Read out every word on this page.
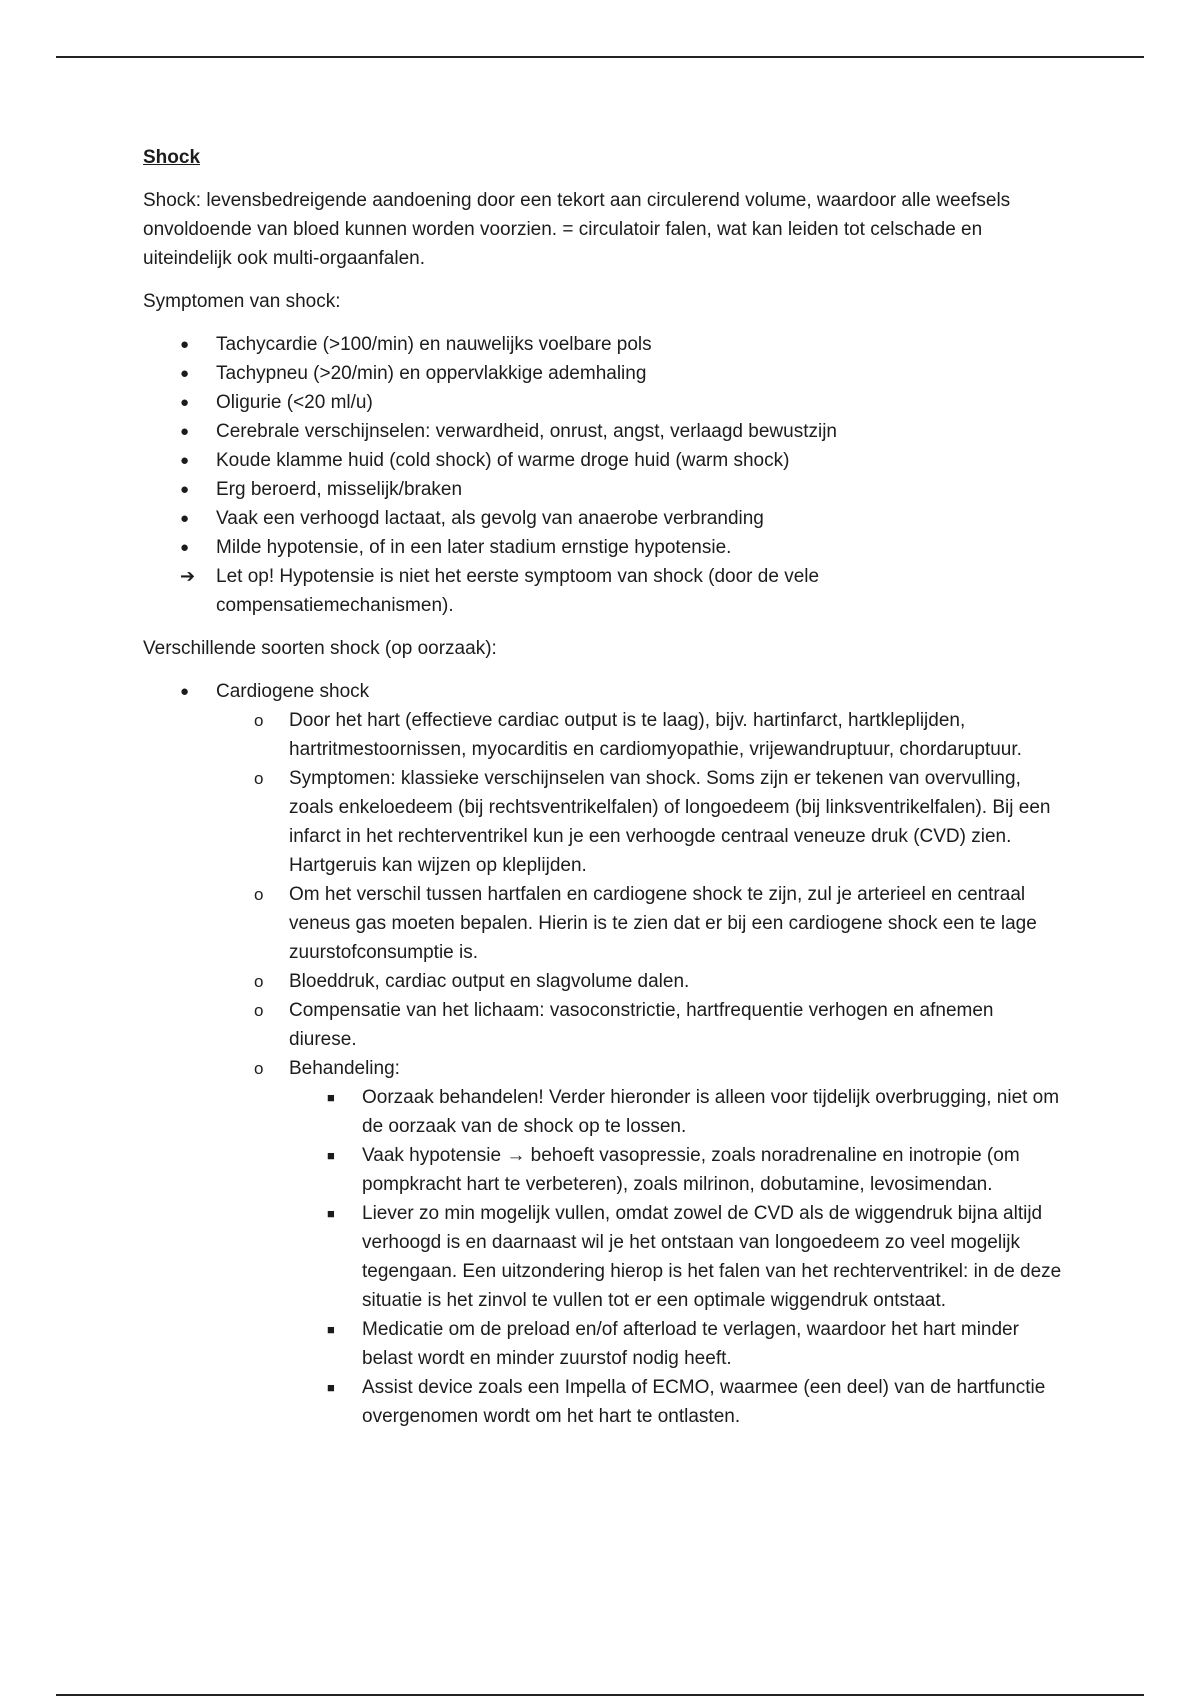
Shock

Shock: levensbedreigende aandoening door een tekort aan circulerend volume, waardoor alle weefsels onvoldoende van bloed kunnen worden voorzien. = circulatoir falen, wat kan leiden tot celschade en uiteindelijk ook multi-orgaanfalen.

Symptomen van shock:

● Tachycardie (>100/min) en nauwelijks voelbare pols
● Tachypneu (>20/min) en oppervlakkige ademhaling
● Oligurie (<20 ml/u)
● Cerebrale verschijnselen: verwardheid, onrust, angst, verlaagd bewustzijn
● Koude klamme huid (cold shock) of warme droge huid (warm shock)
● Erg beroerd, misselijk/braken
● Vaak een verhoogd lactaat, als gevolg van anaerobe verbranding
● Milde hypotensie, of in een later stadium ernstige hypotensie.
➔ Let op! Hypotensie is niet het eerste symptoom van shock (door de vele compensatiemechanismen).

Verschillende soorten shock (op oorzaak):

● Cardiogene shock
o Door het hart (effectieve cardiac output is te laag), bijv. hartinfarct, hartkleplijden, hartritmestoornissen, myocarditis en cardiomyopathie, vrijewandruptuur, chordaruptuur.
o Symptomen: klassieke verschijnselen van shock. Soms zijn er tekenen van overvulling, zoals enkeloedeem (bij rechtsventrikelfalen) of longoedeem (bij linksventrikelfalen). Bij een infarct in het rechterventrikel kun je een verhoogde centraal veneuze druk (CVD) zien. Hartgeruis kan wijzen op kleplijden.
o Om het verschil tussen hartfalen en cardiogene shock te zijn, zul je arterieel en centraal veneus gas moeten bepalen. Hierin is te zien dat er bij een cardiogene shock een te lage zuurstofconsumptie is.
o Bloeddruk, cardiac output en slagvolume dalen.
o Compensatie van het lichaam: vasoconstrictie, hartfrequentie verhogen en afnemen diurese.
o Behandeling:
■ Oorzaak behandelen! Verder hieronder is alleen voor tijdelijk overbrugging, niet om de oorzaak van de shock op te lossen.
■ Vaak hypotensie → behoeft vasopressie, zoals noradrenaline en inotropie (om pompkracht hart te verbeteren), zoals milrinon, dobutamine, levosimendan.
■ Liever zo min mogelijk vullen, omdat zowel de CVD als de wiggendruk bijna altijd verhoogd is en daarnaast wil je het ontstaan van longoedeem zo veel mogelijk tegengaan. Een uitzondering hierop is het falen van het rechterventrikel: in de deze situatie is het zinvol te vullen tot er een optimale wiggendruk ontstaat.
■ Medicatie om de preload en/of afterload te verlagen, waardoor het hart minder belast wordt en minder zuurstof nodig heeft.
■ Assist device zoals een Impella of ECMO, waarmee (een deel) van de hartfunctie overgenomen wordt om het hart te ontlasten.
